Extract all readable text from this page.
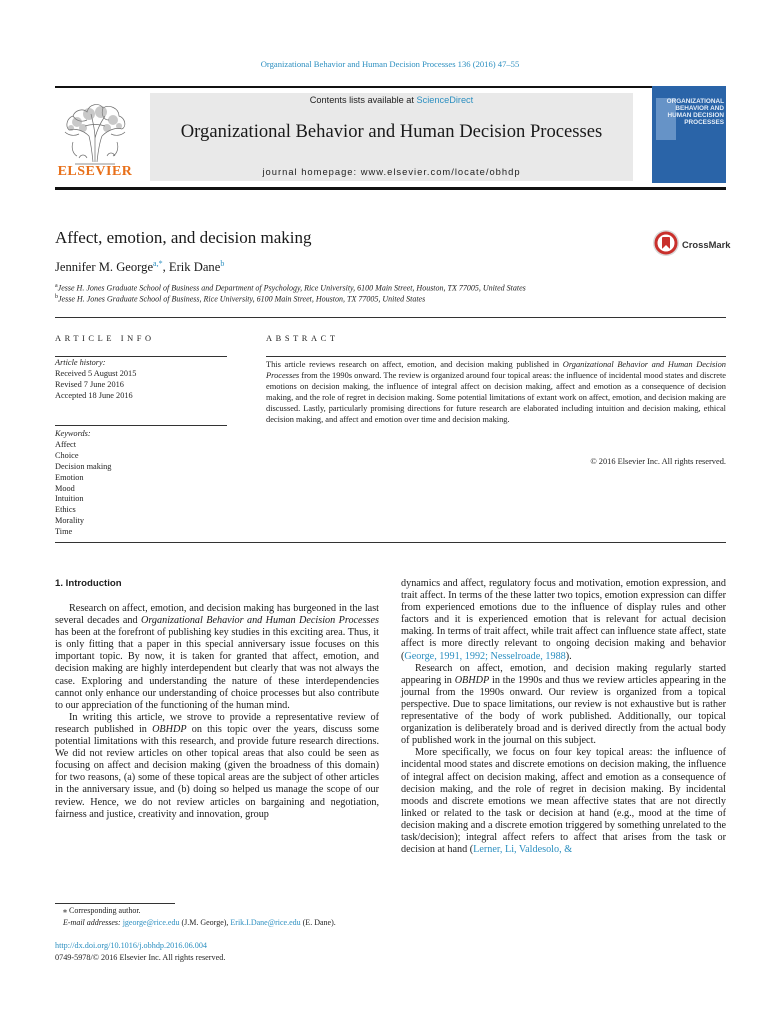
Organizational Behavior and Human Decision Processes 136 (2016) 47–55
ELSEVIER
Contents lists available at ScienceDirect
Organizational Behavior and Human Decision Processes
journal homepage: www.elsevier.com/locate/obhdp
ORGANIZATIONAL BEHAVIOR AND HUMAN DECISION PROCESSES
Affect, emotion, and decision making	CrossMark
Jennifer M. George$^{a,*}$, Erik Dane$^b$
$^a$Jesse H. Jones Graduate School of Business and Department of Psychology, Rice University, 6100 Main Street, Houston, TX 77005, United States
$^b$Jesse H. Jones Graduate School of Business, Rice University, 6100 Main Street, Houston, TX 77005, United States
ARTICLE INFO	ABSTRACT
Article history:
Received 5 August 2015
Revised 7 June 2016
Accepted 18 June 2016
Keywords:
Affect
Choice
Decision making
Emotion
Mood
Intuition
Ethics
Morality
Time
This article reviews research on affect, emotion, and decision making published in Organizational Behavior and Human Decision Processes from the 1990s onward. The review is organized around four topical areas: the influence of incidental mood states and discrete emotions on decision making, the influence of integral affect on decision making, affect and emotion as a consequence of decision making, and the role of regret in decision making. Some potential limitations of extant work on affect, emotion, and decision making are discussed. Lastly, particularly promising directions for future research are elaborated including intuition and decision making, ethical decision making, and affect and emotion over time and decision making.
© 2016 Elsevier Inc. All rights reserved.
1. Introduction

Research on affect, emotion, and decision making has burgeoned in the last several decades and Organizational Behavior and Human Decision Processes has been at the forefront of publishing key studies in this exciting area. Thus, it is only fitting that a paper in this special anniversary issue focuses on this important topic. By now, it is taken for granted that affect, emotion, and decision making are highly interdependent but clearly that was not always the case. Exploring and understanding the nature of these interdependencies cannot only enhance our understanding of choice processes but also contribute to our appreciation of the functioning of the human mind.

In writing this article, we strove to provide a representative review of research published in OBHDP on this topic over the years, discuss some potential limitations with this research, and provide future research directions. We did not review articles on other topical areas that also could be seen as focusing on affect and decision making (given the broadness of this domain) for two reasons, (a) some of these topical areas are the subject of other articles in the anniversary issue, and (b) doing so helped us manage the scope of our review. Hence, we do not review articles on bargaining and negotiation, fairness and justice, creativity and innovation, group

dynamics and affect, regulatory focus and motivation, emotion expression, and trait affect. In terms of the these latter two topics, emotion expression can differ from experienced emotions due to the influence of display rules and other factors and it is experienced emotion that is relevant for actual decision making. In terms of trait affect, while trait affect can influence state affect, state affect is more directly relevant to ongoing decision making and behavior (George, 1991, 1992; Nesselroade, 1988).

Research on affect, emotion, and decision making regularly started appearing in OBHDP in the 1990s and thus we review articles appearing in the journal from the 1990s onward. Our review is organized from a topical perspective. Due to space limitations, our review is not exhaustive but is rather representative of the body of work published. Additionally, our topical organization is deliberately broad and is derived directly from the actual body of published work in the journal on this subject.

More specifically, we focus on four key topical areas: the influence of incidental mood states and discrete emotions on decision making, the influence of integral affect on decision making, affect and emotion as a consequence of decision making, and the role of regret in decision making. By incidental moods and discrete emotions we mean affective states that are not directly linked or related to the task or decision at hand (e.g., mood at the time of decision making and a discrete emotion triggered by something unrelated to the task/decision); integral affect refers to affect that arises from the task or decision at hand (Lerner, Li, Valdesolo, &

⁎ Corresponding author.
E-mail addresses: jgeorge@rice.edu (J.M. George), Erik.I.Dane@rice.edu (E. Dane).
http://dx.doi.org/10.1016/j.obhdp.2016.06.004
0749-5978/© 2016 Elsevier Inc. All rights reserved.
